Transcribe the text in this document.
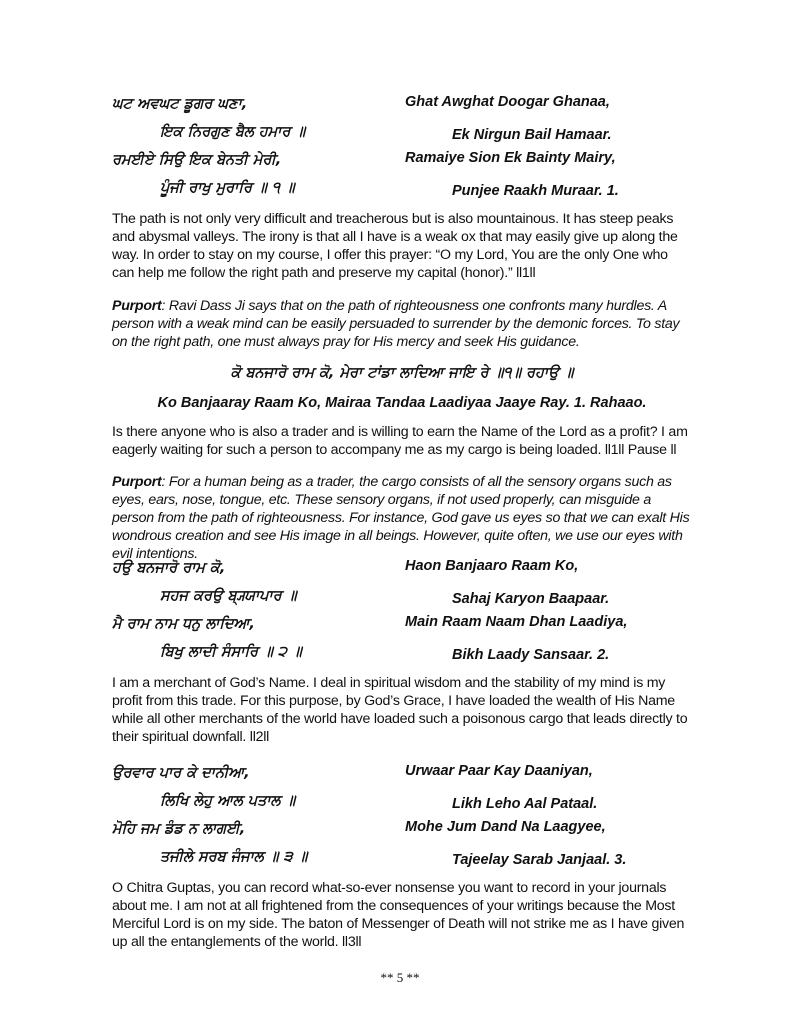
ਘਟ ਅਵਘਟ ਡੂਗਰ ਘਣਾ,	Ghat Awghat Doogar Ghanaa,
ਇਕ ਨਿਰਗੁਣ ਬੈਲ ਹਮਾਰ ॥	Ek Nirgun Bail Hamaar.
ਰਮਈਏ ਸਿਉ ਇਕ ਬੇਨਤੀ ਮੇਰੀ,	Ramaiye Sion Ek Bainty Mairy,
ਪੂੰਜੀ ਰਾਖੁ ਮੁਰਾਰਿ ॥ ੧ ॥	Punjee Raakh Muraar. 1.

The path is not only very difficult and treacherous but is also mountainous. It has steep peaks and abysmal valleys. The irony is that all I have is a weak ox that may easily give up along the way. In order to stay on my course, I offer this prayer: “O my Lord, You are the only One who can help me follow the right path and preserve my capital (honor).” ll1ll

Purport: Ravi Dass Ji says that on the path of righteousness one confronts many hurdles. A person with a weak mind can be easily persuaded to surrender by the demonic forces. To stay on the right path, one must always pray for His mercy and seek His guidance.

ਕੋ ਬਨਜਾਰੋ ਰਾਮ ਕੋ, ਮੇਰਾ ਟਾਂਡਾ ਲਾਦਿਆ ਜਾਇ ਰੇ ॥੧॥ ਰਹਾਉ ॥
Ko Banjaaray Raam Ko, Mairaa Tandaa Laadiyaa Jaaye Ray. 1. Rahaao.

Is there anyone who is also a trader and is willing to earn the Name of the Lord as a profit? I am eagerly waiting for such a person to accompany me as my cargo is being loaded. ll1ll Pause ll

Purport: For a human being as a trader, the cargo consists of all the sensory organs such as eyes, ears, nose, tongue, etc. These sensory organs, if not used properly, can misguide a person from the path of righteousness. For instance, God gave us eyes so that we can exalt His wondrous creation and see His image in all beings. However, quite often, we use our eyes with evil intentions.

ਹਉ ਬਨਜਾਰੋ ਰਾਮ ਕੋ,	Haon Banjaaro Raam Ko,
ਸਹਜ ਕਰਉ ਬ੍ਯ੍ਯਾਪਾਰ ॥	Sahaj Karyon Baapaar.
ਮੈ ਰਾਮ ਨਾਮ ਧਨੁ ਲਾਦਿਆ,	Main Raam Naam Dhan Laadiya,
ਬਿਖੁ ਲਾਦੀ ਸੰਸਾਰਿ ॥ ੨ ॥	Bikh Laady Sansaar. 2.

I am a merchant of God’s Name. I deal in spiritual wisdom and the stability of my mind is my profit from this trade. For this purpose, by God’s Grace, I have loaded the wealth of His Name while all other merchants of the world have loaded such a poisonous cargo that leads directly to their spiritual downfall. ll2ll

ਉਰਵਾਰ ਪਾਰ ਕੇ ਦਾਨੀਆ,	Urwaar Paar Kay Daaniyan,
ਲਿਖਿ ਲੇਹੁ ਆਲ ਪਤਾਲ ॥	Likh Leho Aal Pataal.
ਮੋਹਿ ਜਮ ਡੰਡ ਨ ਲਾਗਈ,	Mohe Jum Dand Na Laagyee,
ਤਜੀਲੇ ਸਰਬ ਜੰਜਾਲ ॥ ੩ ॥	Tajeelay Sarab Janjaal. 3.

O Chitra Guptas, you can record what-so-ever nonsense you want to record in your journals about me. I am not at all frightened from the consequences of your writings because the Most Merciful Lord is on my side. The baton of Messenger of Death will not strike me as I have given up all the entanglements of the world. ll3ll

** 5 **
